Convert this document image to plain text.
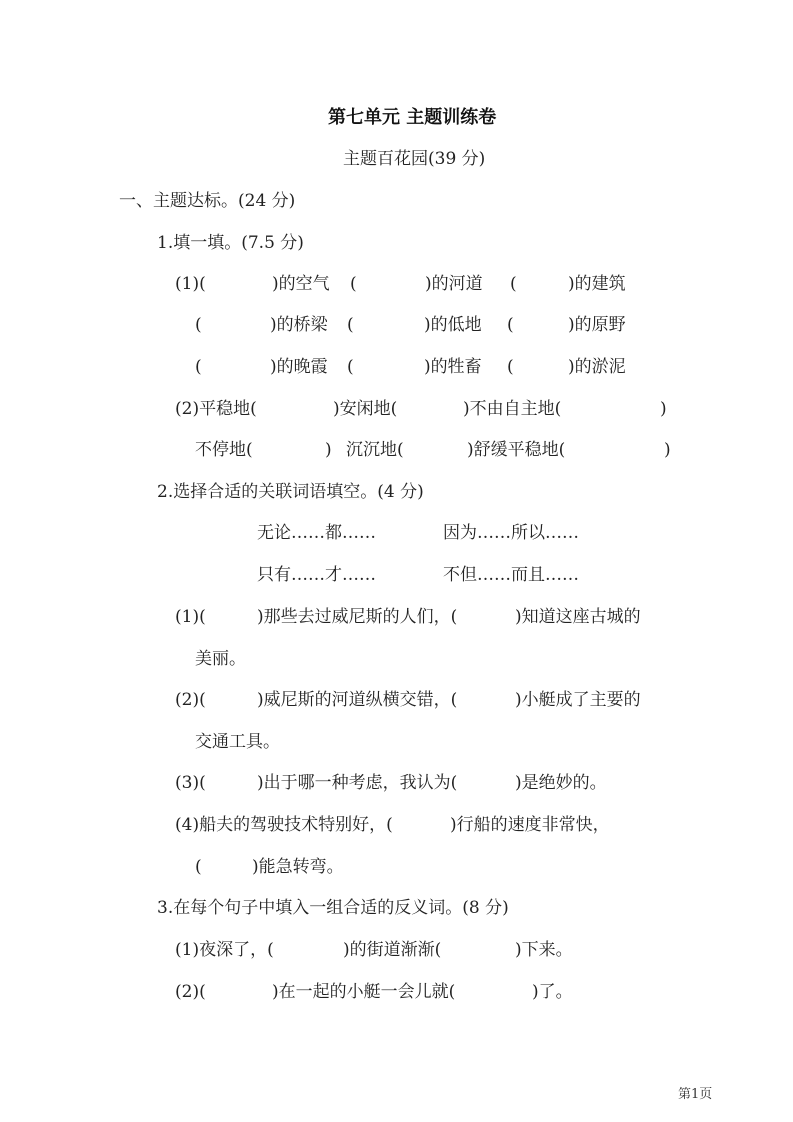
第七单元 主题训练卷
主题百花园(39 分)
一、主题达标。(24 分)
1.填一填。(7.5 分)
(1)(	)的空气 (	)的河道 (	)的建筑
(	)的桥梁 (	)的低地 (	)的原野
(	)的晚霞 (	)的牲畜 (	)的淤泥
(2)平稳地(	)安闲地(	)不由自主地(	)
不停地(	) 沉沉地(	)舒缓平稳地(	)
2.选择合适的关联词语填空。(4 分)
无论……都……	因为……所以……
只有……才……	不但……而且……
(1)(	)那些去过威尼斯的人们，(	)知道这座古城的
美丽。
(2)(	)威尼斯的河道纵横交错，(	)小艇成了主要的
交通工具。
(3)(	)出于哪一种考虑，我认为(	)是绝妙的。
(4)船夫的驾驶技术特别好，(	)行船的速度非常快，
(	)能急转弯。
3.在每个句子中填入一组合适的反义词。(8 分)
(1)夜深了，(	)的街道渐渐(	)下来。
(2)(	)在一起的小艇一会儿就(	)了。
第1页
